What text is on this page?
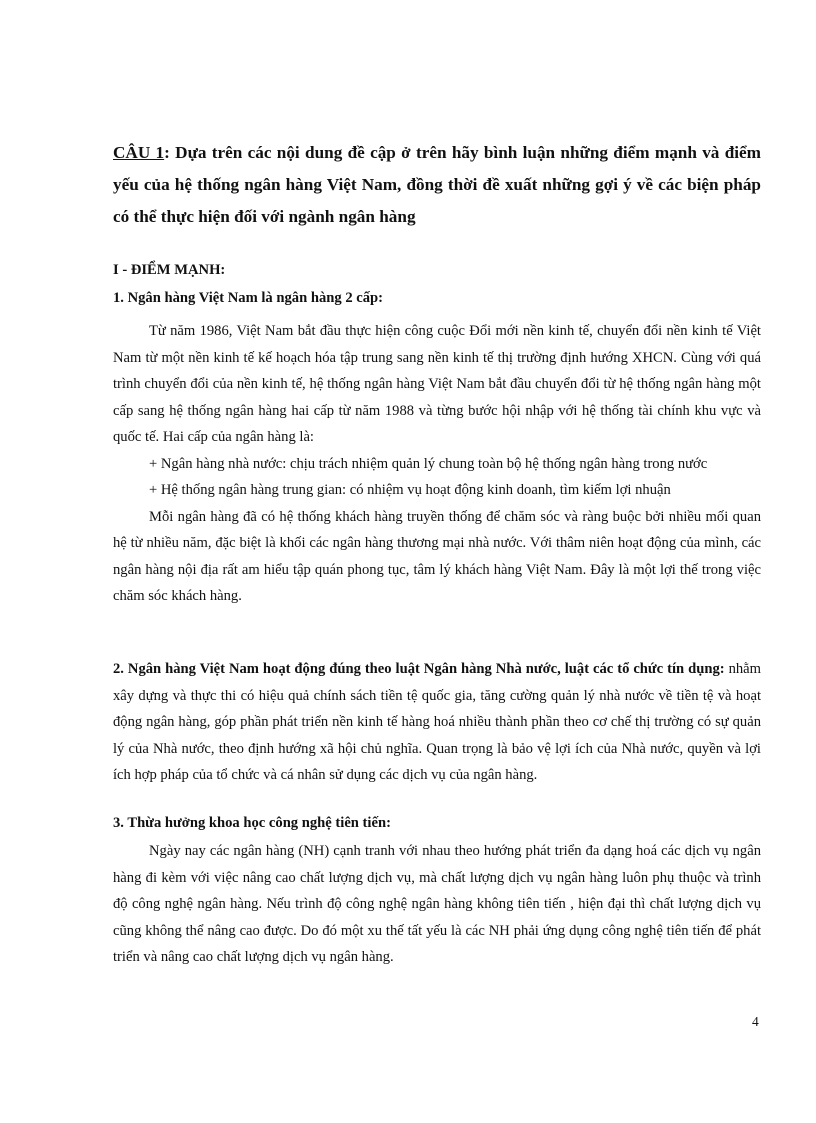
CÂU 1: Dựa trên các nội dung đề cập ở trên hãy bình luận những điểm mạnh và điểm yếu của hệ thống ngân hàng Việt Nam, đồng thời đề xuất những gợi ý về các biện pháp có thể thực hiện đối với ngành ngân hàng
I - ĐIỂM MẠNH:
1. Ngân hàng Việt Nam là ngân hàng 2 cấp:

Từ năm 1986, Việt Nam bắt đầu thực hiện công cuộc Đổi mới nền kinh tế, chuyển đổi nền kinh tế Việt Nam từ một nền kinh tế kế hoạch hóa tập trung sang nền kinh tế thị trường định hướng XHCN. Cùng với quá trình chuyển đổi của nền kinh tế, hệ thống ngân hàng Việt Nam bắt đầu chuyển đổi từ hệ thống ngân hàng một cấp sang hệ thống ngân hàng hai cấp từ năm 1988 và từng bước hội nhập với hệ thống tài chính khu vực và quốc tế. Hai cấp của ngân hàng là:

+ Ngân hàng nhà nước: chịu trách nhiệm quản lý chung toàn bộ hệ thống ngân hàng trong nước

+ Hệ thống ngân hàng trung gian: có nhiệm vụ hoạt động kinh doanh, tìm kiếm lợi nhuận

Mỗi ngân hàng đã có hệ thống khách hàng truyền thống để chăm sóc và ràng buộc bởi nhiều mối quan hệ từ nhiều năm, đặc biệt là khối các ngân hàng thương mại nhà nước. Với thâm niên hoạt động của mình, các ngân hàng nội địa rất am hiểu tập quán phong tục, tâm lý khách hàng Việt Nam. Đây là một lợi thế trong việc chăm sóc khách hàng.

2. Ngân hàng Việt Nam hoạt động đúng theo luật Ngân hàng Nhà nước, luật các tổ chức tín dụng: nhằm xây dựng và thực thi có hiệu quả chính sách tiền tệ quốc gia, tăng cường quản lý nhà nước về tiền tệ và hoạt động ngân hàng, góp phần phát triển nền kinh tế hàng hoá nhiều thành phần theo cơ chế thị trường có sự quản lý của Nhà nước, theo định hướng xã hội chủ nghĩa. Quan trọng là bảo vệ lợi ích của Nhà nước, quyền và lợi ích hợp pháp của tổ chức và cá nhân sử dụng các dịch vụ của ngân hàng.

3. Thừa hưởng khoa học công nghệ tiên tiến:

Ngày nay các ngân hàng (NH) cạnh tranh với nhau theo hướng phát triển đa dạng hoá các dịch vụ ngân hàng đi kèm với việc nâng cao chất lượng dịch vụ, mà chất lượng dịch vụ ngân hàng luôn phụ thuộc và trình độ công nghệ ngân hàng. Nếu trình độ công nghệ ngân hàng không tiên tiến , hiện đại thì chất lượng dịch vụ cũng không thể nâng cao được. Do đó một xu thế tất yếu là các NH phải ứng dụng công nghệ tiên tiến để phát triển và nâng cao chất lượng dịch vụ ngân hàng.

4
